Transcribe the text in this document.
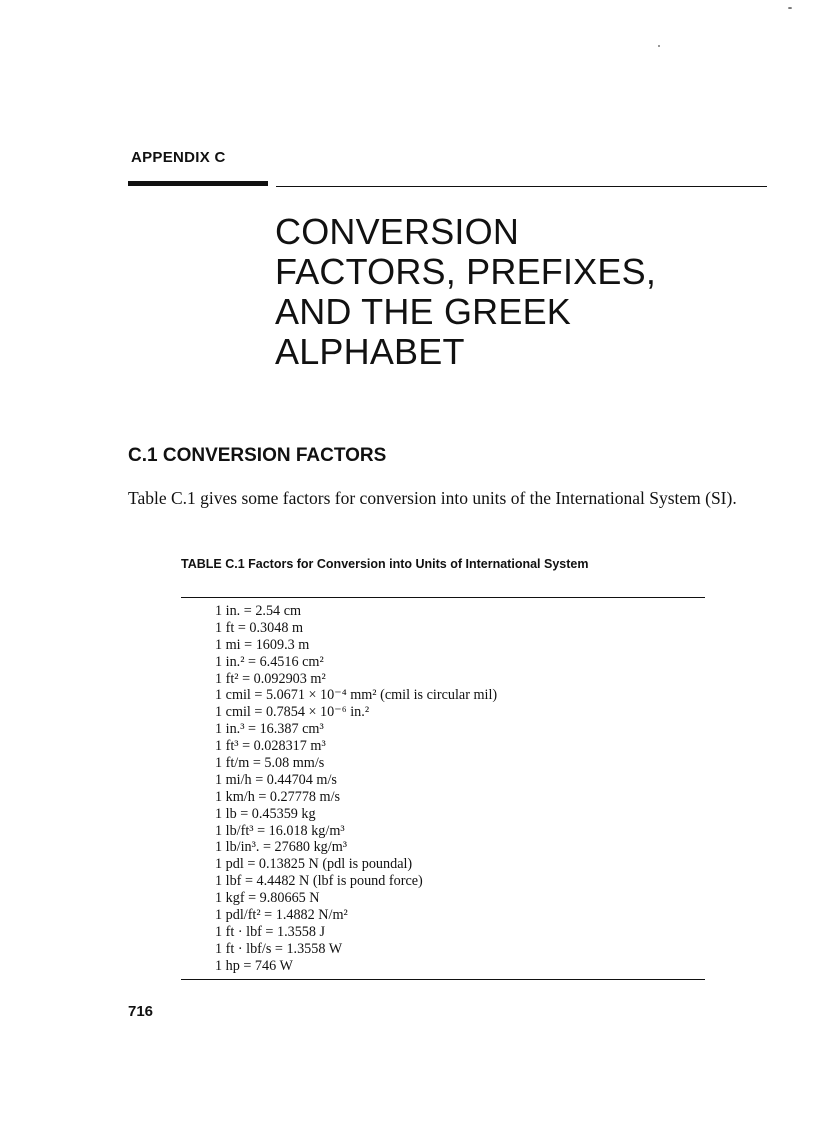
APPENDIX C
CONVERSION
FACTORS, PREFIXES,
AND THE GREEK
ALPHABET
C.1 CONVERSION FACTORS
Table C.1 gives some factors for conversion into units of the International System (SI).
TABLE C.1 Factors for Conversion into Units of International System
1 in. = 2.54 cm
1 ft = 0.3048 m
1 mi = 1609.3 m
1 in.² = 6.4516 cm²
1 ft² = 0.092903 m²
1 cmil = 5.0671 × 10⁻⁴ mm² (cmil is circular mil)
1 cmil = 0.7854 × 10⁻⁶ in.²
1 in.³ = 16.387 cm³
1 ft³ = 0.028317 m³
1 ft/m = 5.08 mm/s
1 mi/h = 0.44704 m/s
1 km/h = 0.27778 m/s
1 lb = 0.45359 kg
1 lb/ft³ = 16.018 kg/m³
1 lb/in³. = 27680 kg/m³
1 pdl = 0.13825 N (pdl is poundal)
1 lbf = 4.4482 N (lbf is pound force)
1 kgf = 9.80665 N
1 pdl/ft² = 1.4882 N/m²
1 ft · lbf = 1.3558 J
1 ft · lbf/s = 1.3558 W
1 hp = 746 W
716
